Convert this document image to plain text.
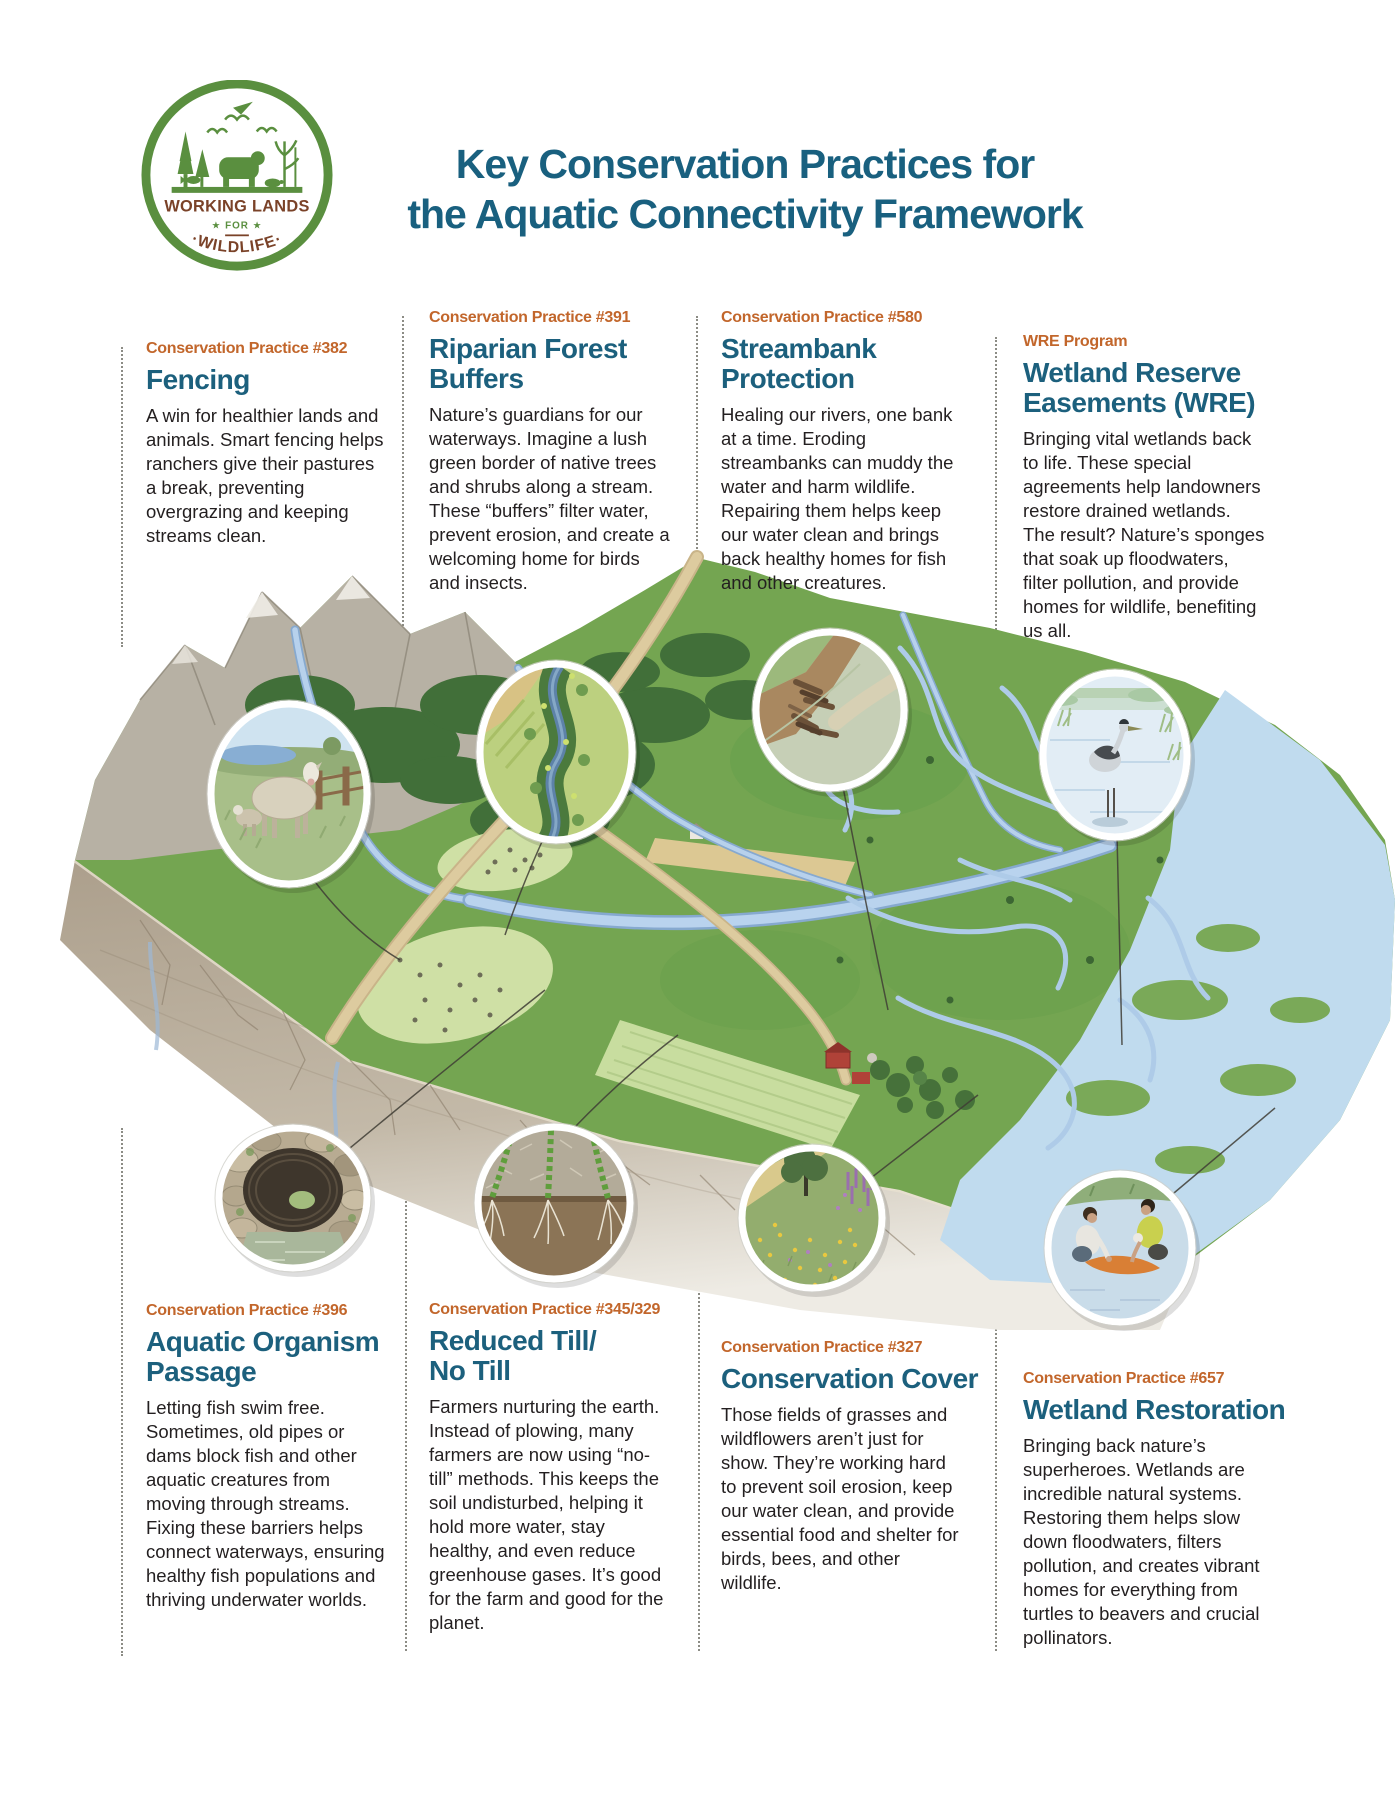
WORKING LANDS
★ FOR ★
·WILDLIFE·
Key Conservation Practices for
the Aquatic Connectivity Framework

Conservation Practice #382

Fencing

A win for healthier lands and animals. Smart fencing helps ranchers give their pastures a break, preventing overgrazing and keeping streams clean.

Conservation Practice #391

Riparian Forest
Buffers

Nature’s guardians for our waterways. Imagine a lush green border of native trees and shrubs along a stream. These “buffers” filter water, prevent erosion, and create a welcoming home for birds and insects.

Conservation Practice #580

Streambank
Protection

Healing our rivers, one bank at a time. Eroding streambanks can muddy the water and harm wildlife. Repairing them helps keep our water clean and brings back healthy homes for fish and other creatures.

WRE Program

Wetland Reserve
Easements (WRE)

Bringing vital wetlands back to life. These special agreements help landowners restore drained wetlands. The result? Nature’s sponges that soak up floodwaters, filter pollution, and provide homes for wildlife, benefiting us all.

Conservation Practice #396

Aquatic Organism
Passage

Letting fish swim free. Sometimes, old pipes or dams block fish and other aquatic creatures from moving through streams. Fixing these barriers helps connect waterways, ensuring healthy fish populations and thriving underwater worlds.

Conservation Practice #345/329

Reduced Till/
No Till

Farmers nurturing the earth. Instead of plowing, many farmers are now using “no-till” methods. This keeps the soil undisturbed, helping it hold more water, stay healthy, and even reduce greenhouse gases. It’s good for the farm and good for the planet.

Conservation Practice #327

Conservation Cover

Those fields of grasses and wildflowers aren’t just for show. They’re working hard to prevent soil erosion, keep our water clean, and provide essential food and shelter for birds, bees, and other wildlife.

Conservation Practice #657

Wetland Restoration

Bringing back nature’s superheroes. Wetlands are incredible natural systems. Restoring them helps slow down floodwaters, filters pollution, and creates vibrant homes for everything from turtles to beavers and crucial pollinators.
